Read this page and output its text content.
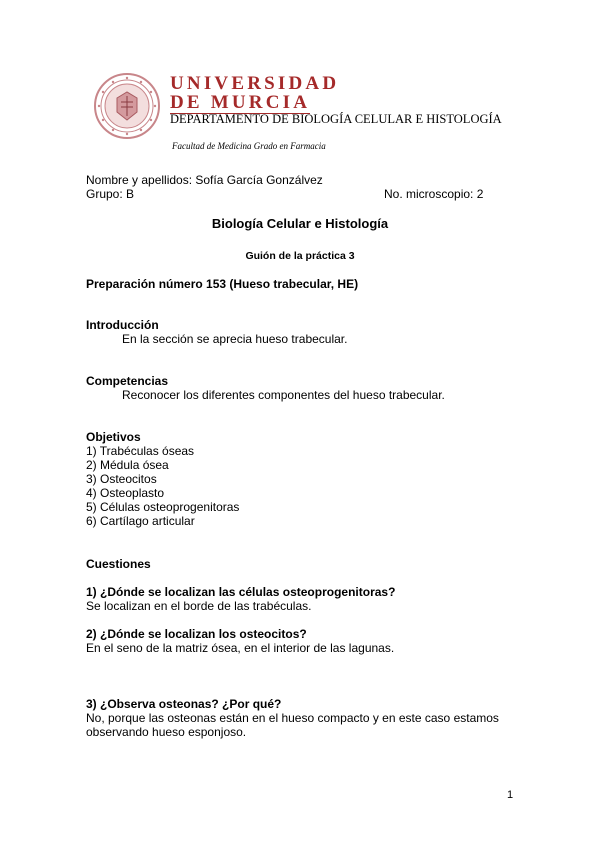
UNIVERSIDAD
DE MURCIA
DEPARTAMENTO DE BIOLOGÍA CELULAR E HISTOLOGÍA
Facultad de Medicina Grado en Farmacia
Nombre y apellidos: Sofía García Gonzálvez
Grupo: B	No. microscopio: 2
Biología Celular e Histología
Guión de la práctica 3
Preparación número 153 (Hueso trabecular, HE)
Introducción
En la sección se aprecia hueso trabecular.
Competencias
Reconocer los diferentes componentes del hueso trabecular.
Objetivos
1) Trabéculas óseas
2) Médula ósea
3) Osteocitos
4) Osteoplasto
5) Células osteoprogenitoras
6) Cartílago articular
Cuestiones
1) ¿Dónde se localizan las células osteoprogenitoras?
Se localizan en el borde de las trabéculas.
2) ¿Dónde se localizan los osteocitos?
En el seno de la matriz ósea, en el interior de las lagunas.
3) ¿Observa osteonas? ¿Por qué?
No, porque las osteonas están en el hueso compacto y en este caso estamos
observando hueso esponjoso.
1
